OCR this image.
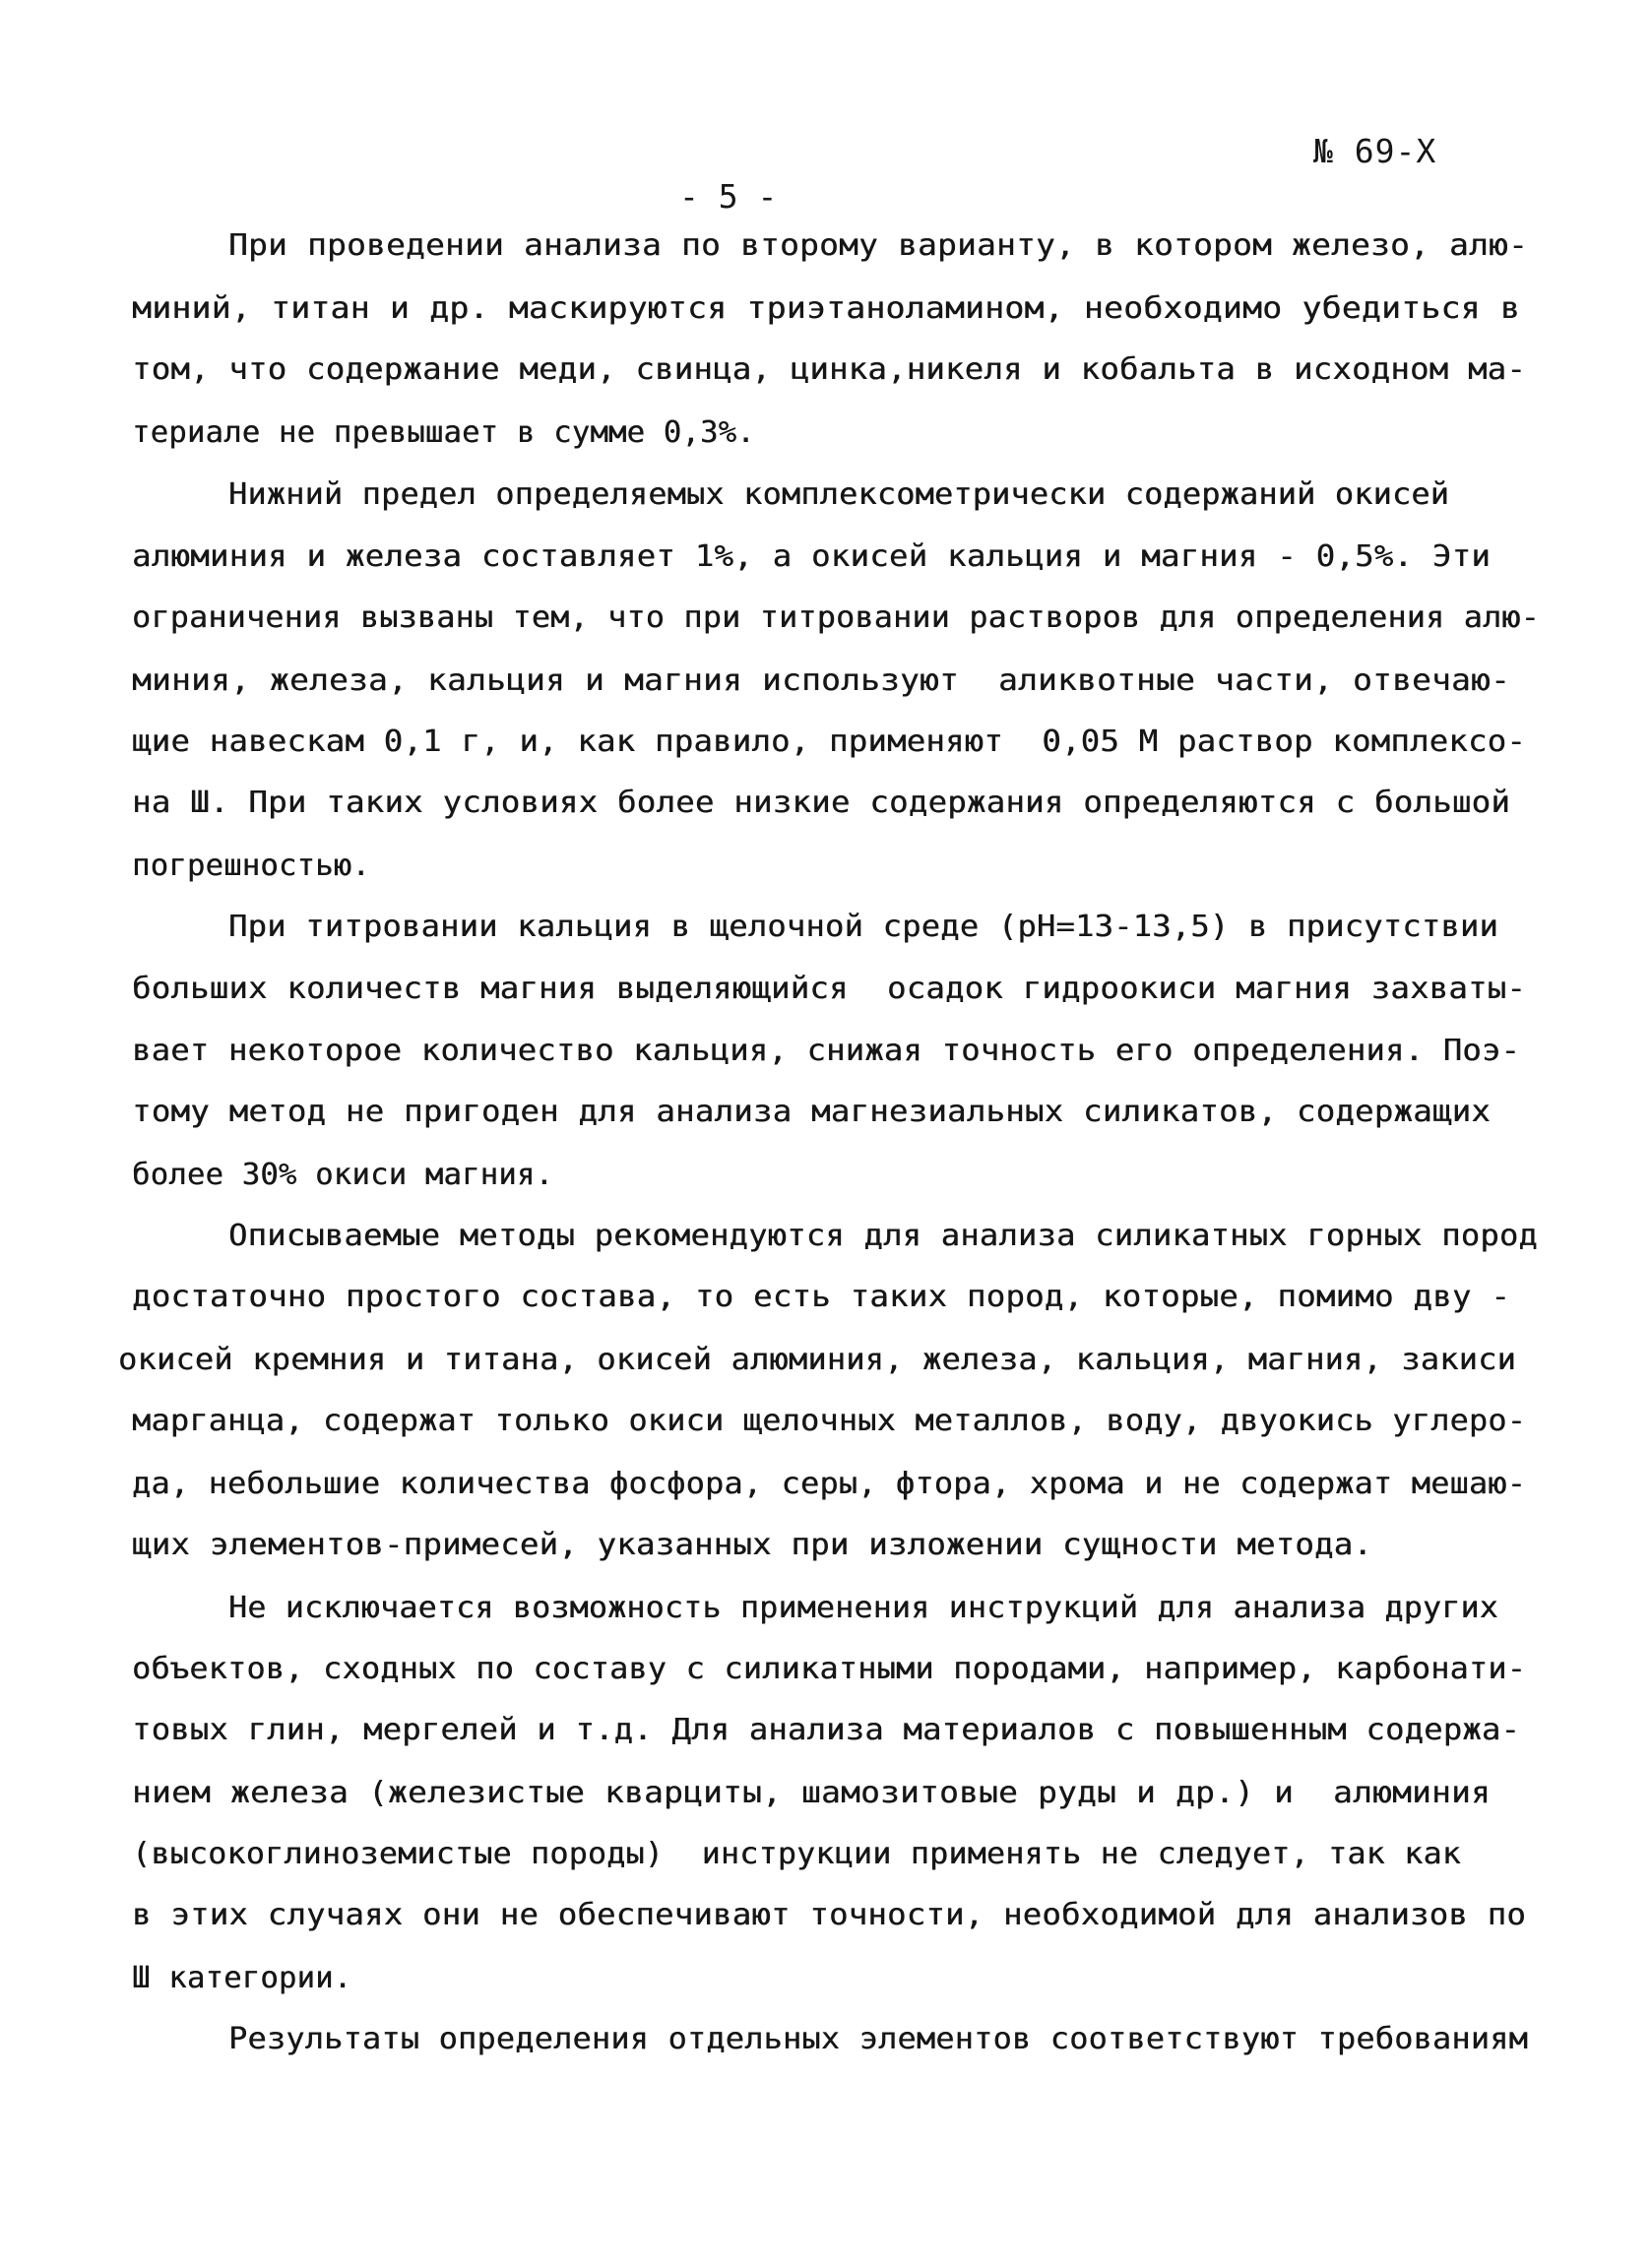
№ 69-Х
- 5 -
При проведении анализа по второму варианту, в котором железо, алю-
миний, титан и др. маскируются триэтаноламином, необходимо убедиться в
том, что содержание меди, свинца, цинка,никеля и кобальта в исходном ма-
териале не превышает в сумме 0,3%.
Нижний предел определяемых комплексометрически содержаний окисей
алюминия и железа составляет 1%, а окисей кальция и магния - 0,5%. Эти
ограничения вызваны тем, что при титровании растворов для определения алю-
миния, железа, кальция и магния используют  аликвотные части, отвечаю-
щие навескам 0,1 г, и, как правило, применяют  0,05 М раствор комплексо-
на Ш. При таких условиях более низкие содержания определяются с большой
погрешностью.
При титровании кальция в щелочной среде (рН=13-13,5) в присутствии
больших количеств магния выделяющийся  осадок гидроокиси магния захваты-
вает некоторое количество кальция, снижая точность его определения. Поэ-
тому метод не пригоден для анализа магнезиальных силикатов, содержащих
более 30% окиси магния.
Описываемые методы рекомендуются для анализа силикатных горных пород
достаточно простого состава, то есть таких пород, которые, помимо дву -
окисей кремния и титана, окисей алюминия, железа, кальция, магния, закиси
марганца, содержат только окиси щелочных металлов, воду, двуокись углеро-
да, небольшие количества фосфора, серы, фтора, хрома и не содержат мешаю-
щих элементов-примесей, указанных при изложении сущности метода.
Не исключается возможность применения инструкций для анализа других
объектов, сходных по составу с силикатными породами, например, карбонати-
товых глин, мергелей и т.д. Для анализа материалов с повышенным содержа-
нием железа (железистые кварциты, шамозитовые руды и др.) и  алюминия
(высокоглиноземистые породы)  инструкции применять не следует, так как
в этих случаях они не обеспечивают точности, необходимой для анализов по
Ш категории.
Результаты определения отдельных элементов соответствуют требованиям
